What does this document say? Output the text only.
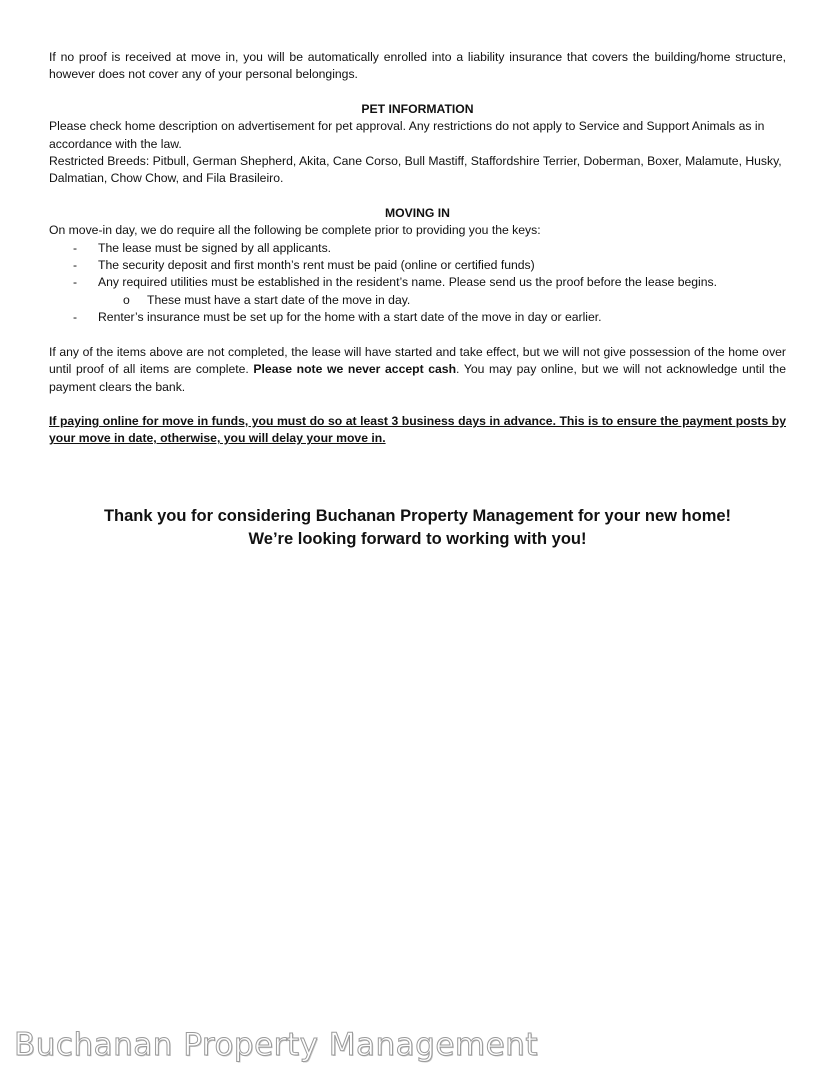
If no proof is received at move in, you will be automatically enrolled into a liability insurance that covers the building/home structure, however does not cover any of your personal belongings.

PET INFORMATION

Please check home description on advertisement for pet approval. Any restrictions do not apply to Service and Support Animals as in accordance with the law.

Restricted Breeds: Pitbull, German Shepherd, Akita, Cane Corso, Bull Mastiff, Staffordshire Terrier, Doberman, Boxer, Malamute, Husky, Dalmatian, Chow Chow, and Fila Brasileiro.

MOVING IN

On move-in day, we do require all the following be complete prior to providing you the keys:

- The lease must be signed by all applicants.
- The security deposit and first month’s rent must be paid (online or certified funds)
- Any required utilities must be established in the resident’s name. Please send us the proof before the lease begins.
o These must have a start date of the move in day.
- Renter’s insurance must be set up for the home with a start date of the move in day or earlier.

If any of the items above are not completed, the lease will have started and take effect, but we will not give possession of the home over until proof of all items are complete. Please note we never accept cash. You may pay online, but we will not acknowledge until the payment clears the bank.

If paying online for move in funds, you must do so at least 3 business days in advance. This is to ensure the payment posts by your move in date, otherwise, you will delay your move in.

Thank you for considering Buchanan Property Management for your new home!
We’re looking forward to working with you!
Buchanan Property Management
